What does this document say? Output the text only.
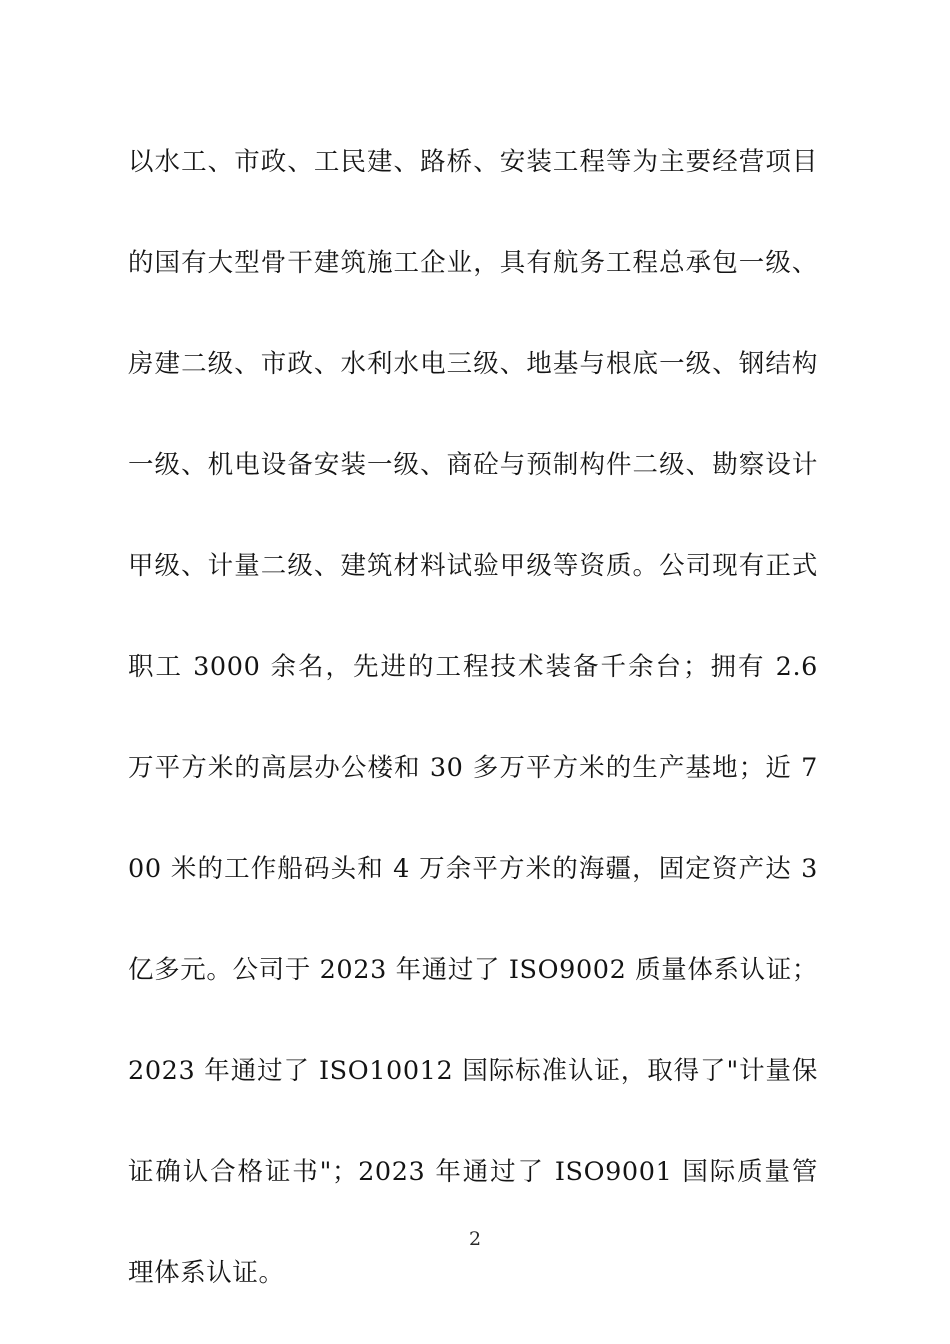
以水工、市政、工民建、路桥、安装工程等为主要经营项目的国有大型骨干建筑施工企业，具有航务工程总承包一级、房建二级、市政、水利水电三级、地基与根底一级、钢结构一级、机电设备安装一级、商砼与预制构件二级、勘察设计甲级、计量二级、建筑材料试验甲级等资质。公司现有正式职工 3000 余名，先进的工程技术装备千余台；拥有 2.6 万平方米的高层办公楼和 30 多万平方米的生产基地；近 700 米的工作船码头和 4 万余平方米的海疆，固定资产达 3 亿多元。公司于 2023 年通过了 ISO9002 质量体系认证；2023 年通过了 ISO10012 国际标准认证，取得了"计量保证确认合格证书"；2023 年通过了 ISO9001 国际质量管理体系认证。
2
